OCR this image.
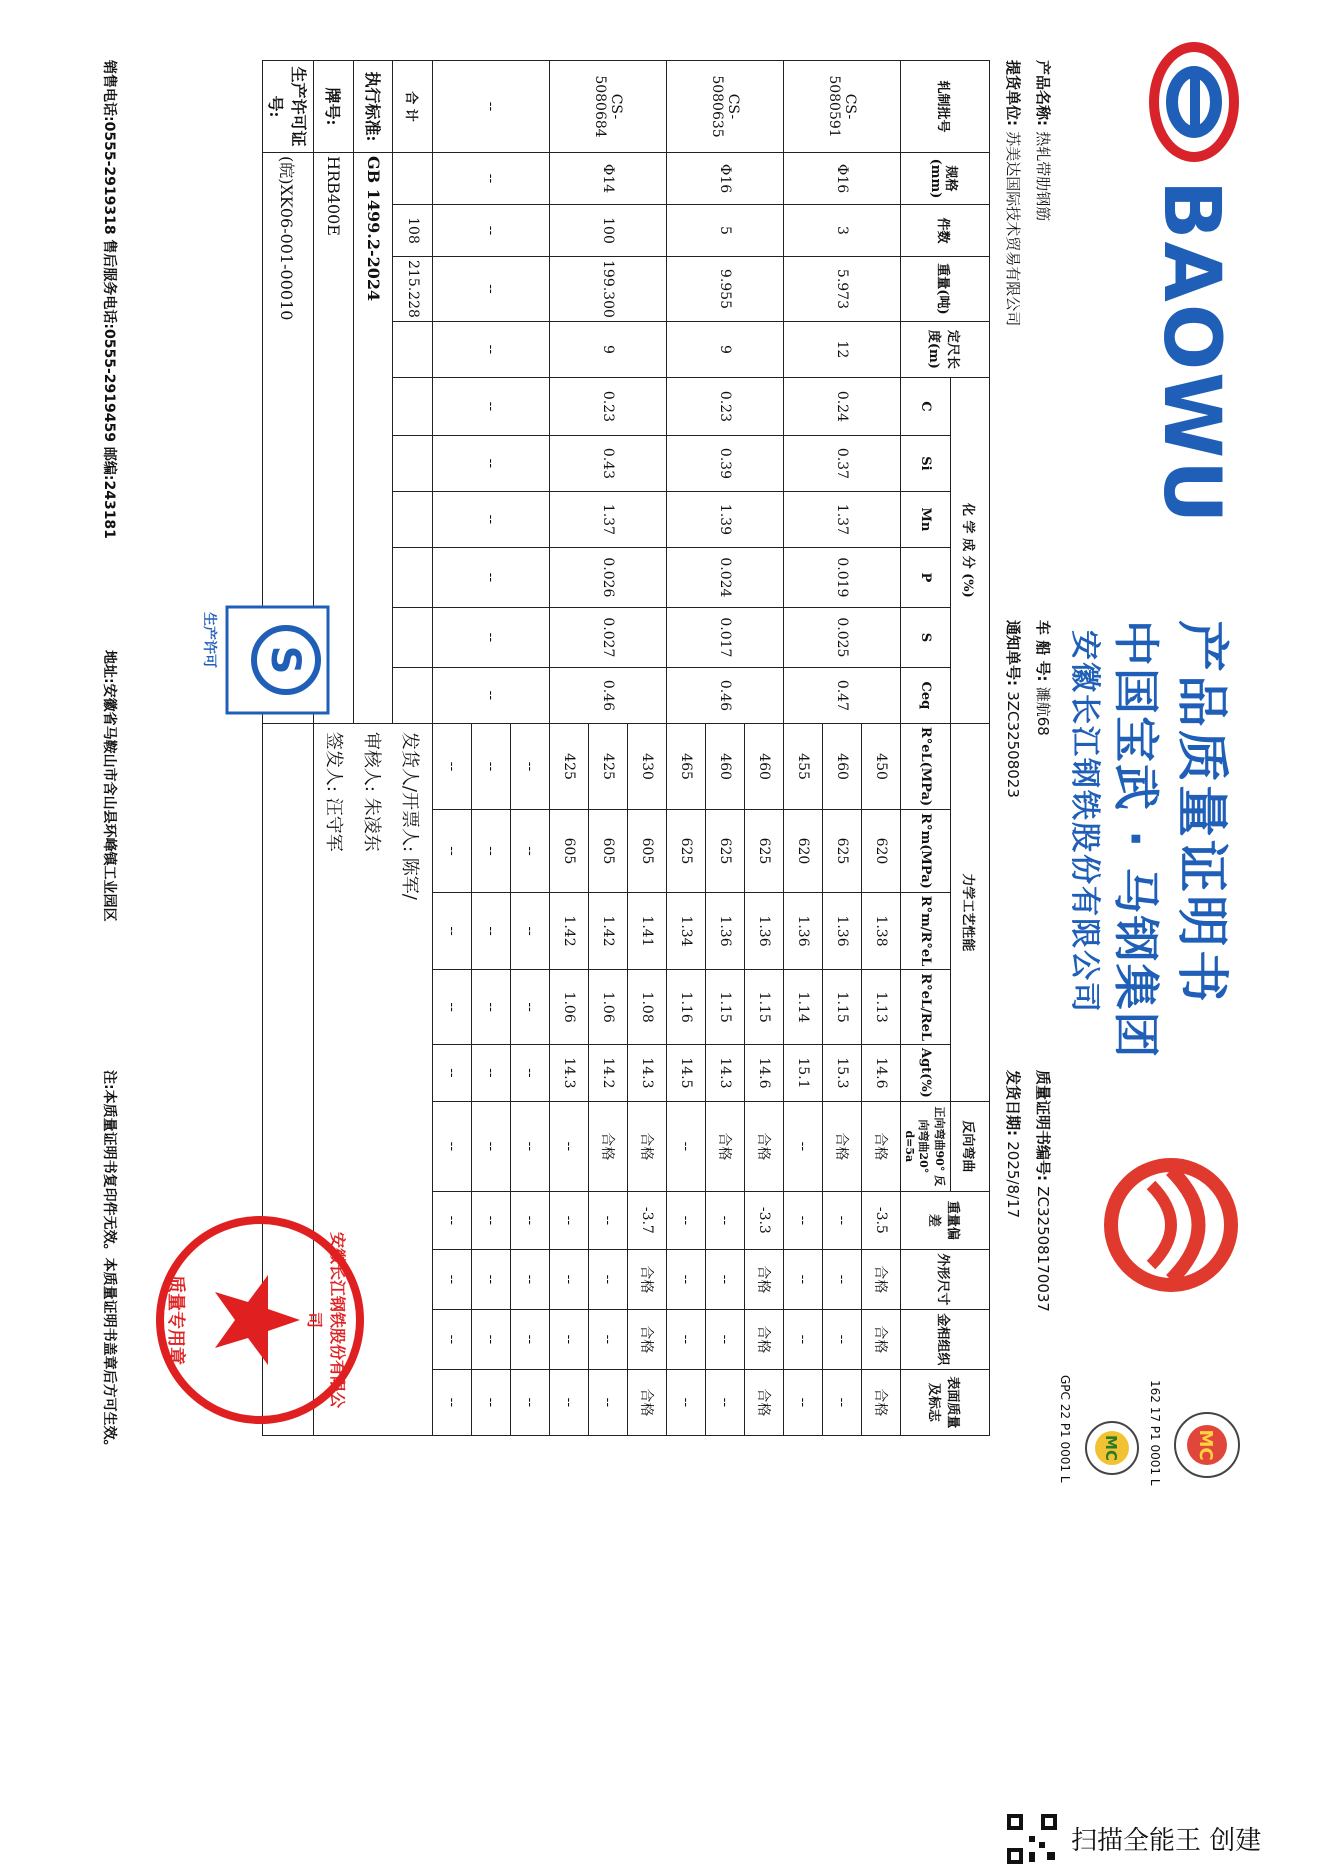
BAOWU
产品质量证明书
中国宝武 · 马钢集团
安徽长江钢铁股份有限公司
MC
162 17 P1 0001 L
MC
GPC 22 P1 0001 L
产品名称: 热轧带肋钢筋
提货单位: 苏美达国际技术贸易有限公司
车 船 号: 濉航68
通知单号: 3ZC32508023
质量证明书编号: ZC32508170037
发货日期: 2025/8/17
轧制批号	规格(mm)	件数	重量(吨)	定尺长度(m)	化 学 成 分 (%)						力学工艺性能					反向弯曲	重量偏差	外形尺寸	金相组织	表面质量及标志
					C	Si	Mn	P	S	Ceq	R°eL(MPa)	R°m(MPa)	R°m/R°eL	R°eL/ReL	Agt(%)	正向弯曲90° 反向弯曲20° d=5a				
CS-5080591	Φ16	3	5.973	12	0.24	0.37	1.37	0.019	0.025	0.47	450	620	1.38	1.13	14.6	合格	-3.5	合格	合格	合格
											460	625	1.36	1.15	15.3	合格	--	--	--	--
											455	620	1.36	1.14	15.1	--	--	--	--	--
CS-5080635	Φ16	5	9.955	9	0.23	0.39	1.39	0.024	0.017	0.46	460	625	1.36	1.15	14.6	合格	-3.3	合格	合格	合格
											460	625	1.36	1.15	14.3	合格	--	--	--	--
											465	625	1.34	1.16	14.5	--	--	--	--	--
CS-5080684	Φ14	100	199.300	9	0.23	0.43	1.37	0.026	0.027	0.46	430	605	1.41	1.08	14.3	合格	-3.7	合格	合格	合格
											425	605	1.42	1.06	14.2	合格	--	--	--	--
											425	605	1.42	1.06	14.3	--	--	--	--	--
--	--	--	--	--	--	--	--	--	--	--	--	--	--	--	--	--	--	--	--	--
											--	--	--	--	--	--	--	--	--	--
											--	--	--	--	--	--	--	--	--	--
合 计		108	215.228								发货人/开票人: 陈军/
审核人: 朱凌东
签发人: 汪守军									

执行标准:	GB 1499.2-2024																			
牌号:	HRB400E																			
生产许可证号:	(皖)XK06-001-00010																			
S
生产许可
安徽长江钢铁股份有限公司
质量专用章
销售电话:0555-2919318 售后服务电话:0555-2919459 邮编:243181
地址:安徽省马鞍山市含山县环峰镇工业园区
注:本质量证明书复印件无效。本质量证明书盖章后方可生效。
扫描全能王 创建
